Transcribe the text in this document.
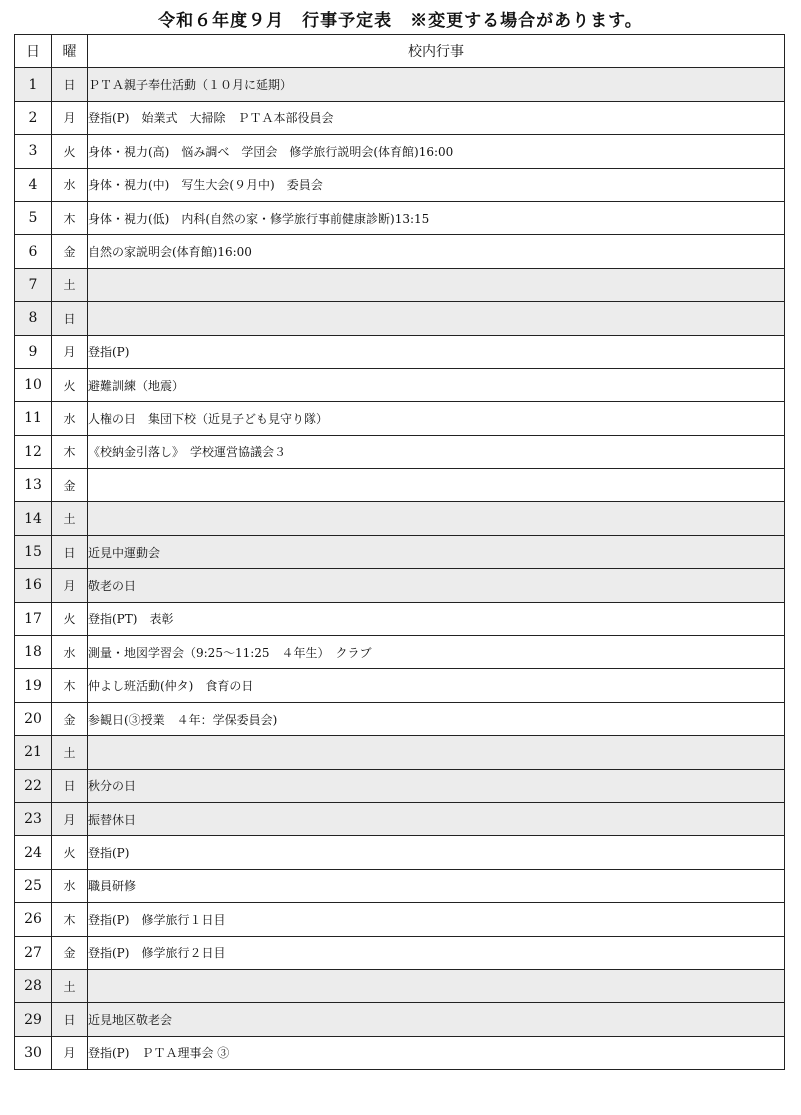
令和６年度９月　行事予定表　※変更する場合があります。
日	曜	校内行事
1	日	ＰＴＡ親子奉仕活動（１０月に延期）
2	月	登指(P)　始業式　大掃除　ＰＴＡ本部役員会
3	火	身体・視力(高)　悩み調べ　学団会　修学旅行説明会(体育館)16:00
4	水	身体・視力(中)　写生大会(９月中)　委員会
5	木	身体・視力(低)　内科(自然の家・修学旅行事前健康診断)13:15
6	金	自然の家説明会(体育館)16:00
7	土	
8	日	
9	月	登指(P)
10	火	避難訓練（地震）
11	水	人権の日　集団下校（近見子ども見守り隊）
12	木	《校納金引落し》　学校運営協議会３
13	金	
14	土	
15	日	近見中運動会
16	月	敬老の日
17	火	登指(PT)　表彰
18	水	測量・地図学習会（9:25～11:25　４年生）　クラブ
19	木	仲よし班活動(仲タ)　食育の日
20	金	参観日(③授業　４年：学保委員会)
21	土	
22	日	秋分の日
23	月	振替休日
24	火	登指(P)
25	水	職員研修
26	木	登指(P)　修学旅行１日目
27	金	登指(P)　修学旅行２日目
28	土	
29	日	近見地区敬老会
30	月	登指(P)　ＰＴＡ理事会 ③
